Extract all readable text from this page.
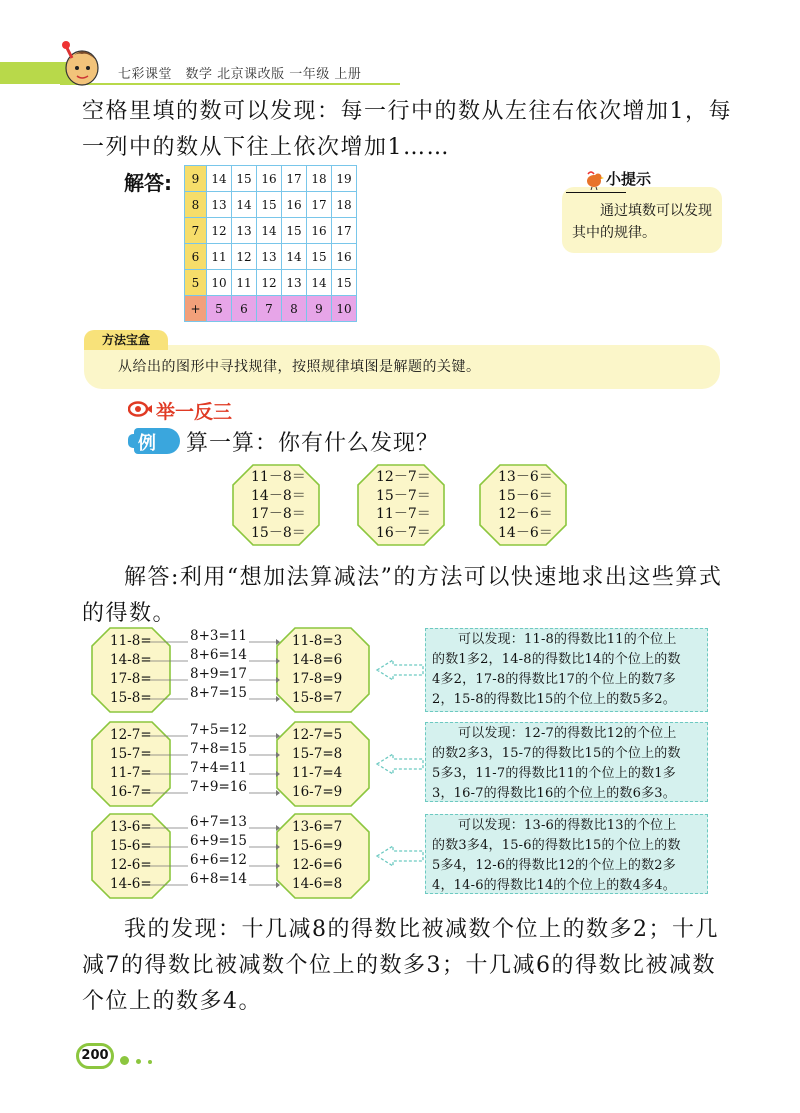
七彩课堂　数学 北京课改版 一年级 上册
空格里填的数可以发现：每一行中的数从左往右依次增加1，每
一列中的数从下往上依次增加1……
解答: 9	14	15	16	17	18	19
8	13	14	15	16	17	18
7	12	13	14	15	16	17
6	11	12	13	14	15	16
5	10	11	12	13	14	15
+	5	6	7	8	9	10
小提示
通过填数可以发现其中的规律。
方法宝盒
从给出的图形中寻找规律，按照规律填图是解题的关键。
举一反三
例 算一算：你有什么发现？
11－8＝
14－8＝
17－8＝
15－8＝
12－7＝
15－7＝
11－7＝
16－7＝
13－6＝
15－6＝
12－6＝
14－6＝
解答:利用“想加法算减法”的方法可以快速地求出这些算式
的得数。
11-8=
14-8=
17-8=
15-8=
11-8=3
14-8=6
17-8=9
15-8=7
8+3=11
8+6=14
8+9=17
8+7=15
可以发现：11-8的得数比11的个位上
的数1多2，14-8的得数比14的个位上的数
4多2，17-8的得数比17的个位上的数7多
2，15-8的得数比15的个位上的数5多2。
12-7=
15-7=
11-7=
16-7=
12-7=5
15-7=8
11-7=4
16-7=9
7+5=12
7+8=15
7+4=11
7+9=16
可以发现：12-7的得数比12的个位上
的数2多3，15-7的得数比15的个位上的数
5多3，11-7的得数比11的个位上的数1多
3，16-7的得数比16的个位上的数6多3。
13-6=
15-6=
12-6=
14-6=
13-6=7
15-6=9
12-6=6
14-6=8
6+7=13
6+9=15
6+6=12
6+8=14
可以发现：13-6的得数比13的个位上
的数3多4，15-6的得数比15的个位上的数
5多4，12-6的得数比12的个位上的数2多
4，14-6的得数比14的个位上的数4多4。
我的发现：十几减8的得数比被减数个位上的数多2；十几
减7的得数比被减数个位上的数多3；十几减6的得数比被减数
个位上的数多4。
200
